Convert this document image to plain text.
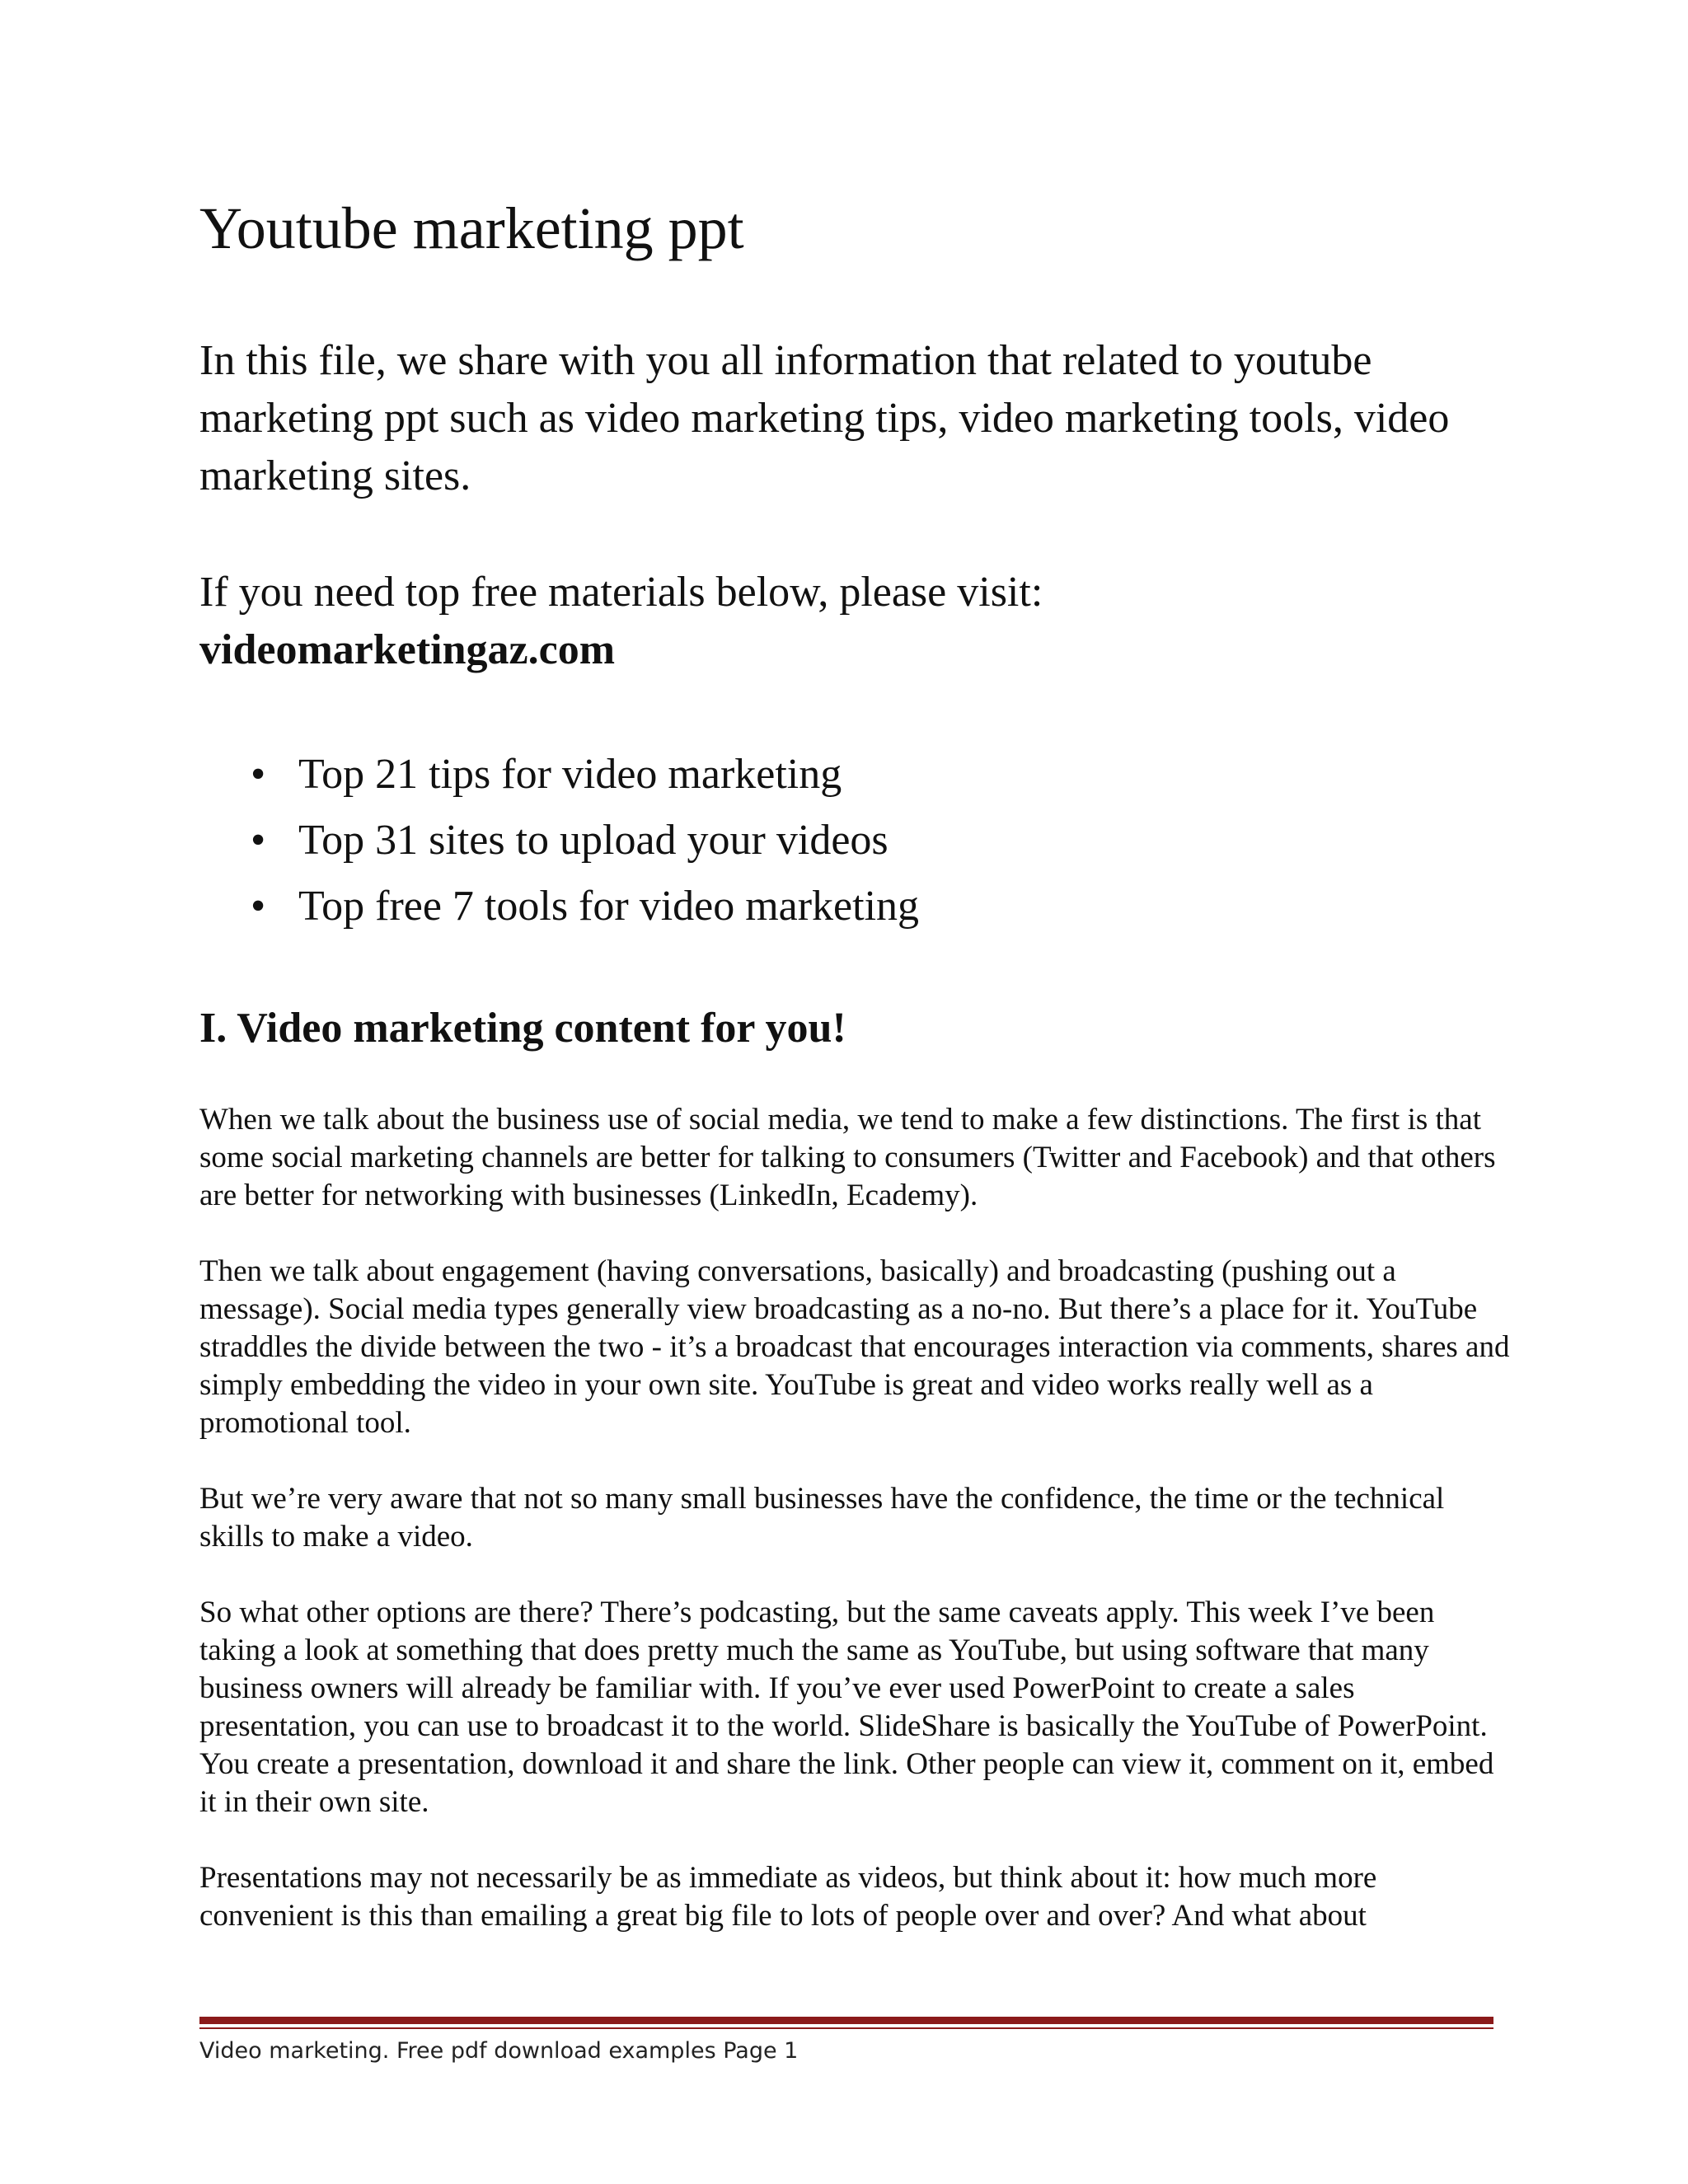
Youtube marketing ppt

In this file, we share with you all information that related to youtube
marketing ppt such as video marketing tips, video marketing tools, video
marketing sites.

If you need top free materials below, please visit:
videomarketingaz.com

• Top 21 tips for video marketing
• Top 31 sites to upload your videos
• Top free 7 tools for video marketing
I. Video marketing content for you!

When we talk about the business use of social media, we tend to make a few distinctions. The first is that some social marketing channels are better for talking to consumers (Twitter and Facebook) and that others are better for networking with businesses (LinkedIn, Ecademy).

Then we talk about engagement (having conversations, basically) and broadcasting (pushing out a message). Social media types generally view broadcasting as a no-no. But there’s a place for it. YouTube straddles the divide between the two - it’s a broadcast that encourages interaction via comments, shares and simply embedding the video in your own site. YouTube is great and video works really well as a promotional tool.

But we’re very aware that not so many small businesses have the confidence, the time or the technical skills to make a video.

So what other options are there? There’s podcasting, but the same caveats apply. This week I’ve been taking a look at something that does pretty much the same as YouTube, but using software that many business owners will already be familiar with. If you’ve ever used PowerPoint to create a sales presentation, you can use to broadcast it to the world. SlideShare is basically the YouTube of PowerPoint. You create a presentation, download it and share the link. Other people can view it, comment on it, embed it in their own site.

Presentations may not necessarily be as immediate as videos, but think about it: how much more convenient is this than emailing a great big file to lots of people over and over? And what about

Video marketing. Free pdf download examples Page 1
